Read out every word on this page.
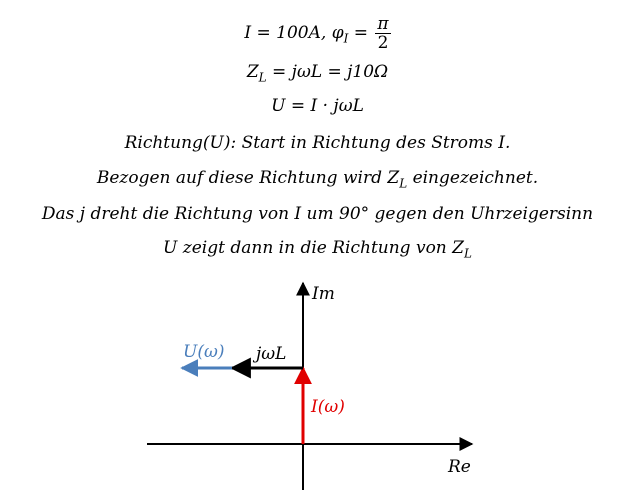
I = 100A, $\varphi_I = \frac{\pi}{2}$
$Z_L = j\omega L = j10\Omega$
U = I · jωL
Richtung(U): Start in Richtung des Stroms I.
Bezogen auf diese Richtung wird $Z_L$ eingezeichnet.
Das j dreht die Richtung von I um 90° gegen den Uhrzeigersinn
U zeigt dann in die Richtung von $Z_L$
Im
Re
U(ω) jωL
I(ω)
